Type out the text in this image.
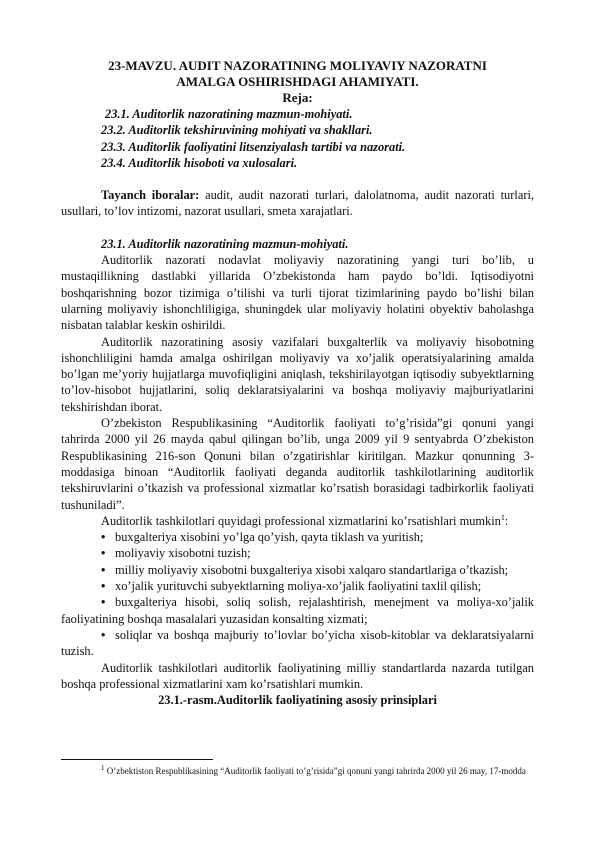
23-MAVZU. AUDIT NAZORATINING MOLIYAVIY NAZORATNI
AMALGA OSHIRISHDAGI AHAMIYATI.
Reja:
23.1. Auditorlik nazoratining mazmun-mohiyati.
23.2. Auditorlik tekshiruvining mohiyati va shakllari.
23.3. Auditorlik faoliyatini litsenziyalash tartibi va nazorati.
23.4. Auditorlik hisoboti va xulosalari.

Tayanch iboralar: audit, audit nazorati turlari, dalolatnoma, audit nazorati turlari, usullari, to’lov intizomi, nazorat usullari, smeta xarajatlari.

23.1. Auditorlik nazoratining mazmun-mohiyati.

Auditorlik nazorati nodavlat moliyaviy nazoratining yangi turi bo’lib, u mustaqillikning dastlabki yillarida O’zbekistonda ham paydo bo’ldi. Iqtisodiyotni boshqarishning bozor tizimiga o’tilishi va turli tijorat tizimlarining paydo bo’lishi bilan ularning moliyaviy ishonchliligiga, shuningdek ular moliyaviy holatini obyektiv baholashga nisbatan talablar keskin oshirildi.

Auditorlik nazoratining asosiy vazifalari buxgalterlik va moliyaviy hisobotning ishonchliligini hamda amalga oshirilgan moliyaviy va xo’jalik operatsiyalarining amalda bo’lgan me’yoriy hujjatlarga muvofiqligini aniqlash, tekshirilayotgan iqtisodiy subyektlarning to’lov-hisobot hujjatlarini, soliq deklaratsiyalarini va boshqa moliyaviy majburiyatlarini tekshirishdan iborat.

O’zbekiston Respublikasining “Auditorlik faoliyati to’g’risida”gi qonuni yangi tahrirda 2000 yil 26 mayda qabul qilingan bo’lib, unga 2009 yil 9 sentyabrda O’zbekiston Respublikasining 216-son Qonuni bilan o’zgatirishlar kiritilgan. Mazkur qonunning 3-moddasiga binoan “Auditorlik faoliyati deganda auditorlik tashkilotlarining auditorlik tekshiruvlarini o’tkazish va professional xizmatlar ko’rsatish borasidagi tadbirkorlik faoliyati tushuniladi”.

Auditorlik tashkilotlari quyidagi professional xizmatlarini ko’rsatishlari mumkin$^1$:

• buxgalteriya xisobini yo’lga qo’yish, qayta tiklash va yuritish;

• moliyaviy xisobotni tuzish;

• milliy moliyaviy xisobotni buxgalteriya xisobi xalqaro standartlariga o’tkazish;

• xo’jalik yurituvchi subyektlarning moliya-xo’jalik faoliyatini taxlil qilish;

• buxgalteriya hisobi, soliq solish, rejalashtirish, menejment va moliya-xo’jalik faoliyatining boshqa masalalari yuzasidan konsalting xizmati;

• soliqlar va boshqa majburiy to’lovlar bo’yicha xisob-kitoblar va deklaratsiyalarni tuzish.

Auditorlik tashkilotlari auditorlik faoliyatining milliy standartlarda nazarda tutilgan boshqa professional xizmatlarini xam ko’rsatishlari mumkin.

23.1.-rasm.Auditorlik faoliyatining asosiy prinsiplari
$^1$ O’zbektiston Respublikasining “Auditorlik faoliyati to’g’risida”gi qonuni yangi tahrirda 2000 yil 26 may, 17-modda
